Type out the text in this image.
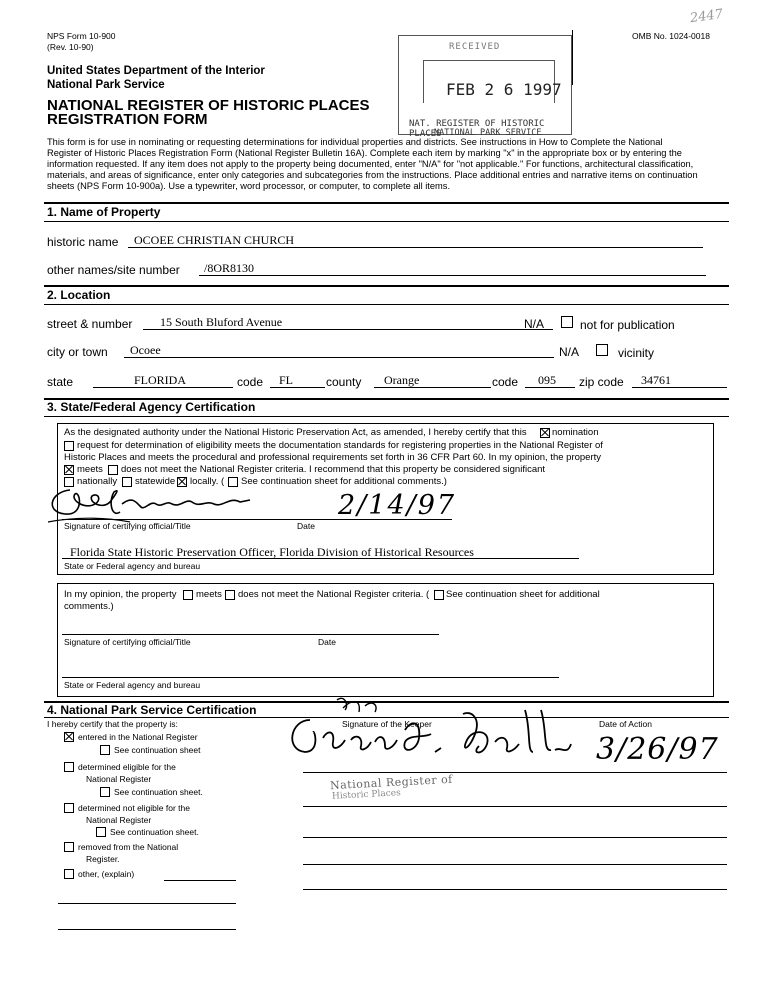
NPS Form 10-900
(Rev. 10-90)
OMB No. 1024-0018
2447
United States Department of the Interior
National Park Service
NATIONAL REGISTER OF HISTORIC PLACES
REGISTRATION FORM
RECEIVED
FEB 2 6 1997
NAT. REGISTER OF HISTORIC PLACES
NATIONAL PARK SERVICE
This form is for use in nominating or requesting determinations for individual properties and districts. See instructions in How to Complete the National
Register of Historic Places Registration Form (National Register Bulletin 16A). Complete each item by marking "x" in the appropriate box or by entering the
information requested. If any item does not apply to the property being documented, enter "N/A" for "not applicable." For functions, architectural classification,
materials, and areas of significance, enter only categories and subcategories from the instructions. Place additional entries and narrative items on continuation
sheets (NPS Form 10-900a). Use a typewriter, word processor, or computer, to complete all items.
1. Name of Property
historic name OCOEE CHRISTIAN CHURCH
other names/site number /8OR8130
2. Location
street & number 15 South Bluford Avenue	N/A	not for publication
city or town Ocoee	N/A	vicinity
state	FLORIDA	code FL	county Orange	code 095 zip code 34761
3. State/Federal Agency Certification
As the designated authority under the National Historic Preservation Act, as amended, I hereby certify that this	nomination
request for determination of eligibility meets the documentation standards for registering properties in the National Register of
Historic Places and meets the procedural and professional requirements set forth in 36 CFR Part 60. In my opinion, the property
meets does not meet the National Register criteria. I recommend that this property be considered significant
nationally statewide locally. ( See continuation sheet for additional comments.)
Signature of certifying official/Title	Date
2/14/97
Florida State Historic Preservation Officer, Florida Division of Historical Resources
State or Federal agency and bureau
In my opinion, the property meets does not meet the National Register criteria. ( See continuation sheet for additional
comments.)
Signature of certifying official/Title	Date
State or Federal agency and bureau
4. National Park Service Certification
I hereby certify that the property is:	Signature of the Keeper	Date of Action
3/26/97
entered in the National Register
See continuation sheet
determined eligible for the
National Register
See continuation sheet.
determined not eligible for the
National Register
See continuation sheet.
removed from the National
Register.
other, (explain)
National Register of
Historic Places
